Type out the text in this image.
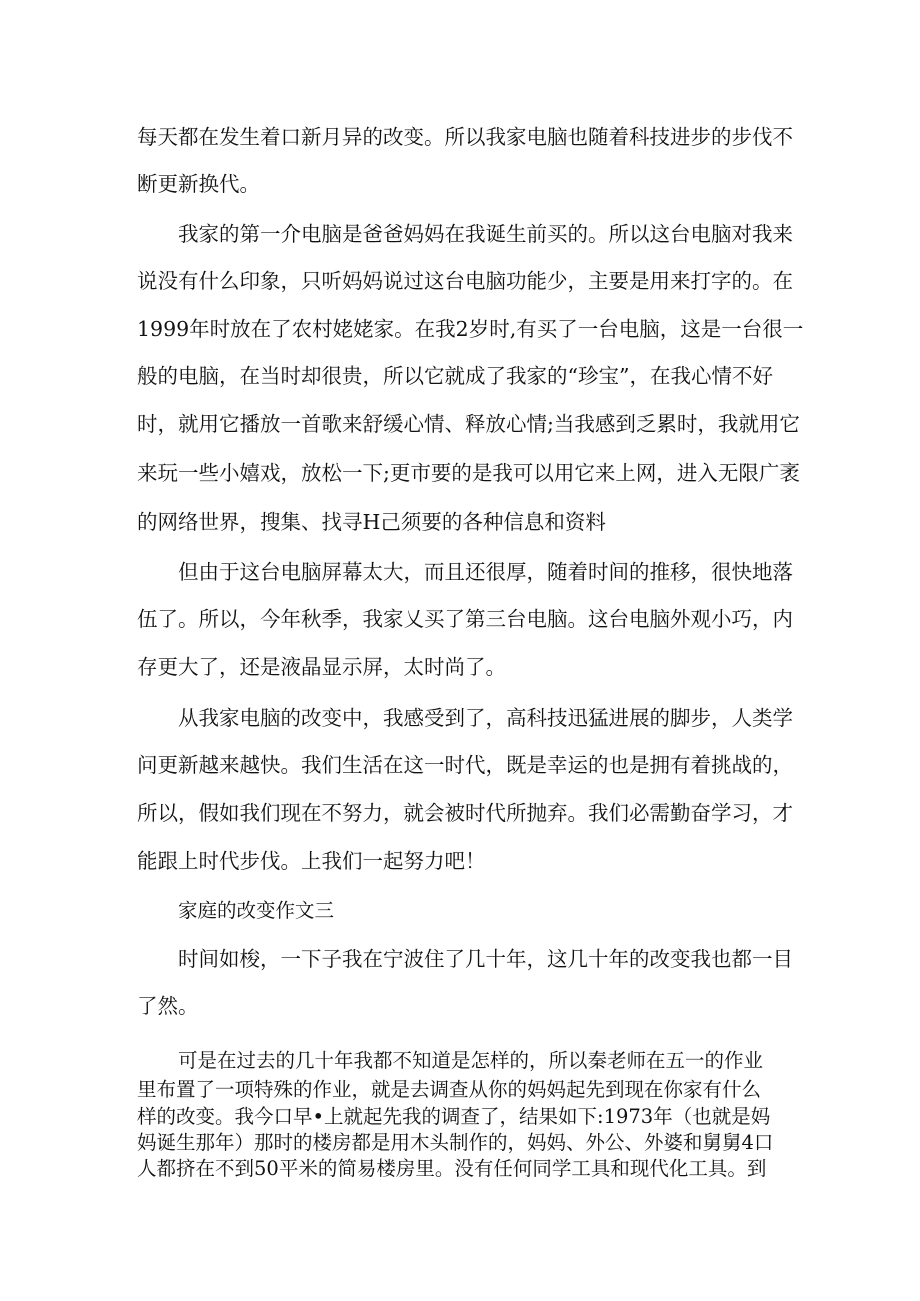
每天都在发生着口新月异的改变。所以我家电脑也随着科技进步的步伐不
断更新换代。
我家的第一介电脑是爸爸妈妈在我诞生前买的。所以这台电脑对我来
说没有什么印象，只听妈妈说过这台电脑功能少，主要是用来打字的。在
1999年时放在了农村姥姥家。在我2岁时,有买了一台电脑，这是一台很一
般的电脑，在当时却很贵，所以它就成了我家的“珍宝”，在我心情不好
时，就用它播放一首歌来舒缓心情、释放心情;当我感到乏累时，我就用它
来玩一些小嬉戏，放松一下;更市要的是我可以用它来上网，进入无限广袤
的网络世界，搜集、找寻H己须要的各种信息和资料
但由于这台电脑屏幕太大，而且还很厚，随着时间的推移，很快地落
伍了。所以，今年秋季，我家乂买了第三台电脑。这台电脑外观小巧，内
存更大了，还是液晶显示屏，太时尚了。
从我家电脑的改变中，我感受到了，高科技迅猛进展的脚步，人类学
问更新越来越快。我们生活在这一时代，既是幸运的也是拥有着挑战的，
所以，假如我们现在不努力，就会被时代所抛弃。我们必需勤奋学习，才
能跟上时代步伐。上我们一起努力吧！
家庭的改变作文三
时间如梭，一下子我在宁波住了几十年，这几十年的改变我也都一目
了然。
可是在过去的几十年我都不知道是怎样的，所以秦老师在五一的作业
里布置了一项特殊的作业，就是去调查从你的妈妈起先到现在你家有什么
样的改变。我今口早•上就起先我的调查了，结果如下:1973年（也就是妈
妈诞生那年）那时的楼房都是用木头制作的，妈妈、外公、外婆和舅舅4口
人都挤在不到50平米的简易楼房里。没有任何同学工具和现代化工具。到
